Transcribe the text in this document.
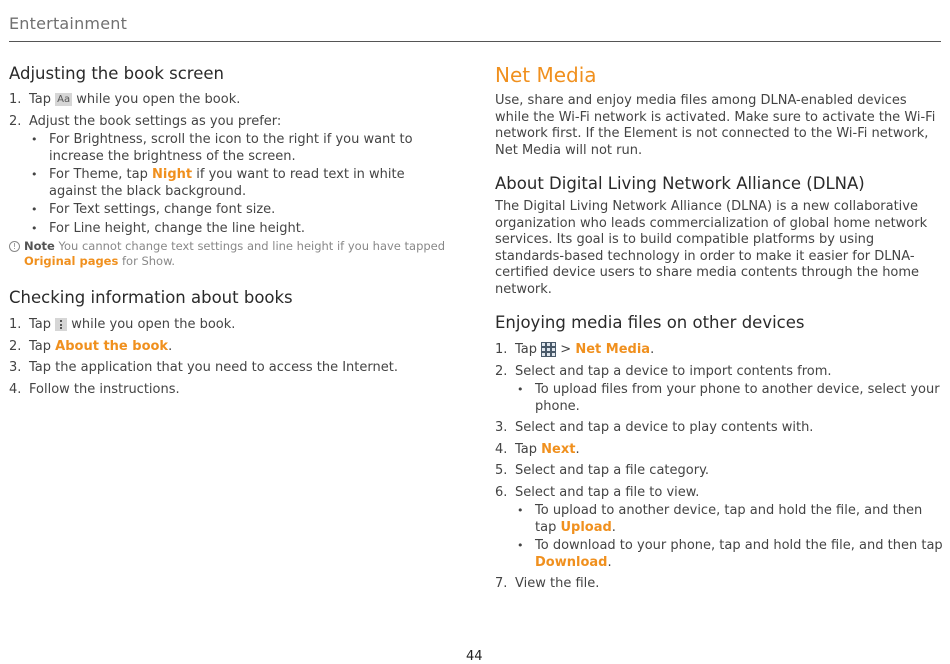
Entertainment
Adjusting the book screen
1. Tap Aa while you open the book.
2. Adjust the book settings as you prefer:
• For Brightness, scroll the icon to the right if you want to increase the brightness of the screen.
• For Theme, tap Night if you want to read text in white against the black background.
• For Text settings, change font size.
• For Line height, change the line height.
! Note You cannot change text settings and line height if you have tapped Original pages for Show.
Checking information about books
1. Tap while you open the book.
2. Tap About the book.
3. Tap the application that you need to access the Internet.
4. Follow the instructions.
Net Media

Use, share and enjoy media files among DLNA-enabled devices while the Wi-Fi network is activated. Make sure to activate the Wi-Fi network first. If the Element is not connected to the Wi-Fi network, Net Media will not run.

About Digital Living Network Alliance (DLNA)

The Digital Living Network Alliance (DLNA) is a new collaborative organization who leads commercialization of global home network services. Its goal is to build compatible platforms by using standards-based technology in order to make it easier for DLNA-certified device users to share media contents through the home network.

Enjoying media files on other devices
1. Tap > Net Media.
2. Select and tap a device to import contents from.
• To upload files from your phone to another device, select your phone.
3. Select and tap a device to play contents with.
4. Tap Next.
5. Select and tap a file category.
6. Select and tap a file to view.
• To upload to another device, tap and hold the file, and then tap Upload.
• To download to your phone, tap and hold the file, and then tap Download.
7. View the file.
44
